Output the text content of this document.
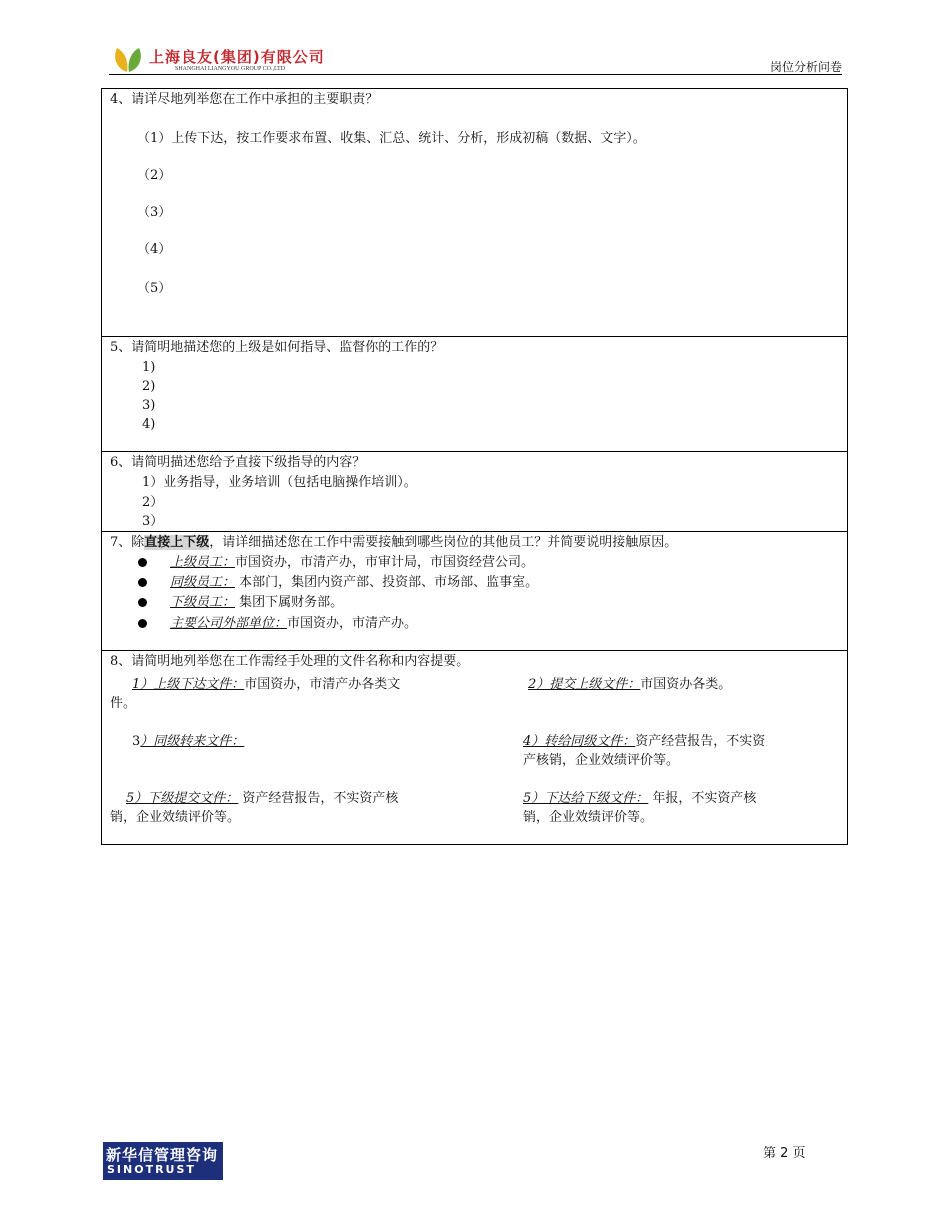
上海良友(集团)有限公司
SHANGHAI LIANGYOU GROUP CO.,LTD	岗位分析问卷
4、请详尽地列举您在工作中承担的主要职责？
（1）上传下达，按工作要求布置、收集、汇总、统计、分析，形成初稿（数据、文字）。
（2）
（3）
（4）
（5）
5、请简明地描述您的上级是如何指导、监督你的工作的？
1)
2)
3)
4)
6、请简明描述您给予直接下级指导的内容？
1）业务指导，业务培训（包括电脑操作培训）。
2）
3）
7、除直接上下级，请详细描述您在工作中需要接触到哪些岗位的其他员工？并简要说明接触原因。
上级员工：市国资办，市清产办，市审计局，市国资经营公司。
同级员工： 本部门，集团内资产部、投资部、市场部、监事室。
下级员工： 集团下属财务部。
主要公司外部单位：市国资办，市清产办。
8、请简明地列举您在工作需经手处理的文件名称和内容提要。
1）上级下达文件：市国资办，市清产办各类文
件。
2）提交上级文件：市国资办各类。
3）同级转来文件：	4）转给同级文件：资产经营报告，不实资
产核销，企业效绩评价等。
5）下级提交文件： 资产经营报告，不实资产核
销，企业效绩评价等。
5）下达给下级文件： 年报，不实资产核
销，企业效绩评价等。
新华信管理咨询
SINOTRUST
第 2 页
